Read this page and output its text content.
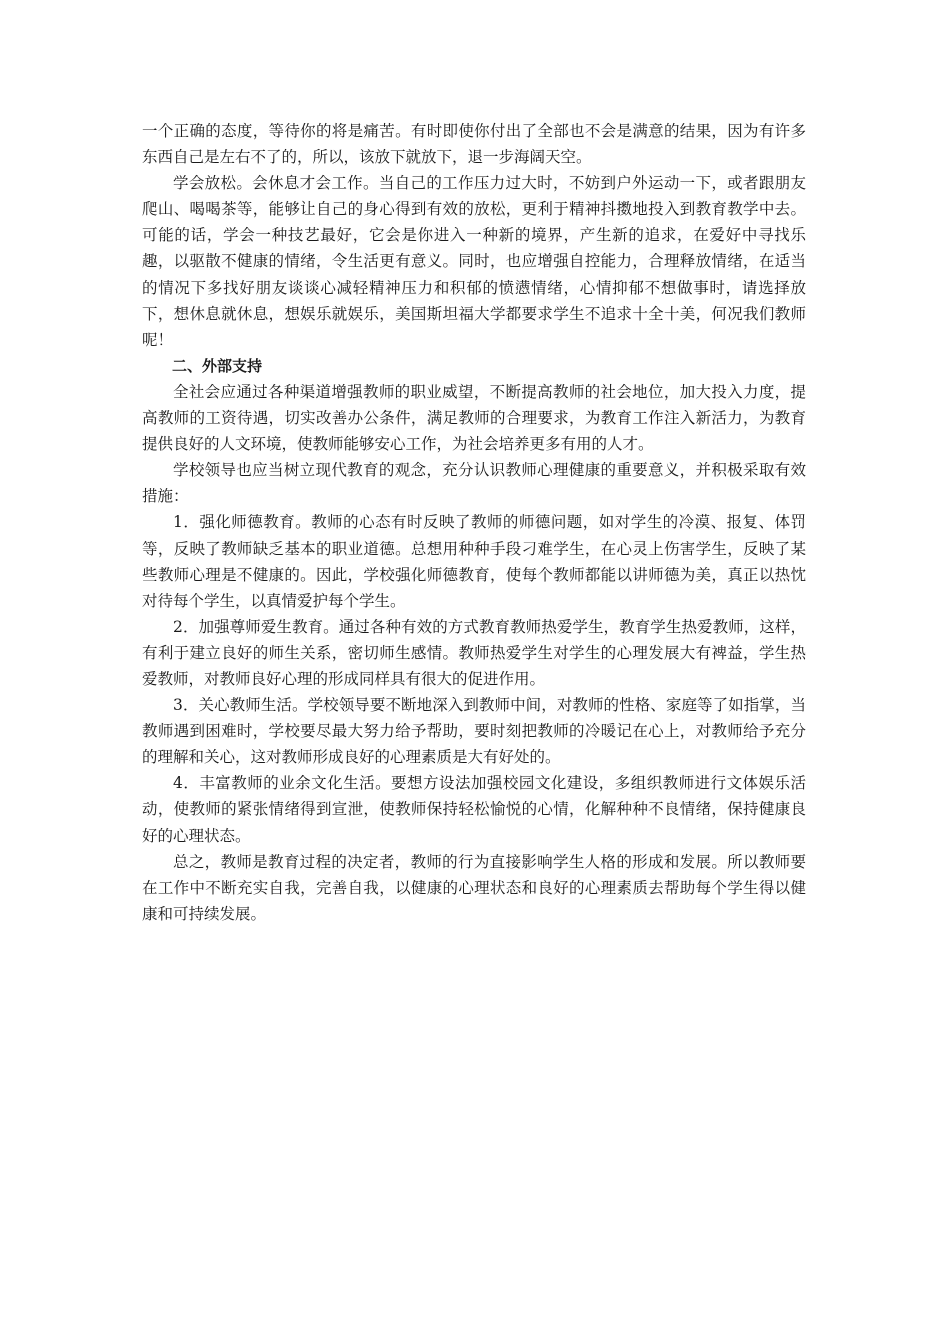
一个正确的态度，等待你的将是痛苦。有时即使你付出了全部也不会是满意的结果，因为有许多东西自己是左右不了的，所以，该放下就放下，退一步海阔天空。

学会放松。会休息才会工作。当自己的工作压力过大时，不妨到户外运动一下，或者跟朋友爬山、喝喝茶等，能够让自己的身心得到有效的放松，更利于精神抖擞地投入到教育教学中去。可能的话，学会一种技艺最好，它会是你进入一种新的境界，产生新的追求，在爱好中寻找乐趣，以驱散不健康的情绪，令生活更有意义。同时，也应增强自控能力，合理释放情绪，在适当的情况下多找好朋友谈谈心减轻精神压力和积郁的愤懑情绪，心情抑郁不想做事时，请选择放下，想休息就休息，想娱乐就娱乐，美国斯坦福大学都要求学生不追求十全十美，何况我们教师呢！

二、外部支持

全社会应通过各种渠道增强教师的职业威望，不断提高教师的社会地位，加大投入力度，提高教师的工资待遇，切实改善办公条件，满足教师的合理要求，为教育工作注入新活力，为教育提供良好的人文环境，使教师能够安心工作，为社会培养更多有用的人才。

学校领导也应当树立现代教育的观念，充分认识教师心理健康的重要意义，并积极采取有效措施：

1．强化师德教育。教师的心态有时反映了教师的师德问题，如对学生的冷漠、报复、体罚等，反映了教师缺乏基本的职业道德。总想用种种手段刁难学生，在心灵上伤害学生，反映了某些教师心理是不健康的。因此，学校强化师德教育，使每个教师都能以讲师德为美，真正以热忱对待每个学生，以真情爱护每个学生。

2．加强尊师爱生教育。通过各种有效的方式教育教师热爱学生，教育学生热爱教师，这样，有利于建立良好的师生关系，密切师生感情。教师热爱学生对学生的心理发展大有裨益，学生热爱教师，对教师良好心理的形成同样具有很大的促进作用。

3．关心教师生活。学校领导要不断地深入到教师中间，对教师的性格、家庭等了如指掌，当教师遇到困难时，学校要尽最大努力给予帮助，要时刻把教师的冷暖记在心上，对教师给予充分的理解和关心，这对教师形成良好的心理素质是大有好处的。

4．丰富教师的业余文化生活。要想方设法加强校园文化建设，多组织教师进行文体娱乐活动，使教师的紧张情绪得到宣泄，使教师保持轻松愉悦的心情，化解种种不良情绪，保持健康良好的心理状态。

总之，教师是教育过程的决定者，教师的行为直接影响学生人格的形成和发展。所以教师要在工作中不断充实自我，完善自我，以健康的心理状态和良好的心理素质去帮助每个学生得以健康和可持续发展。
